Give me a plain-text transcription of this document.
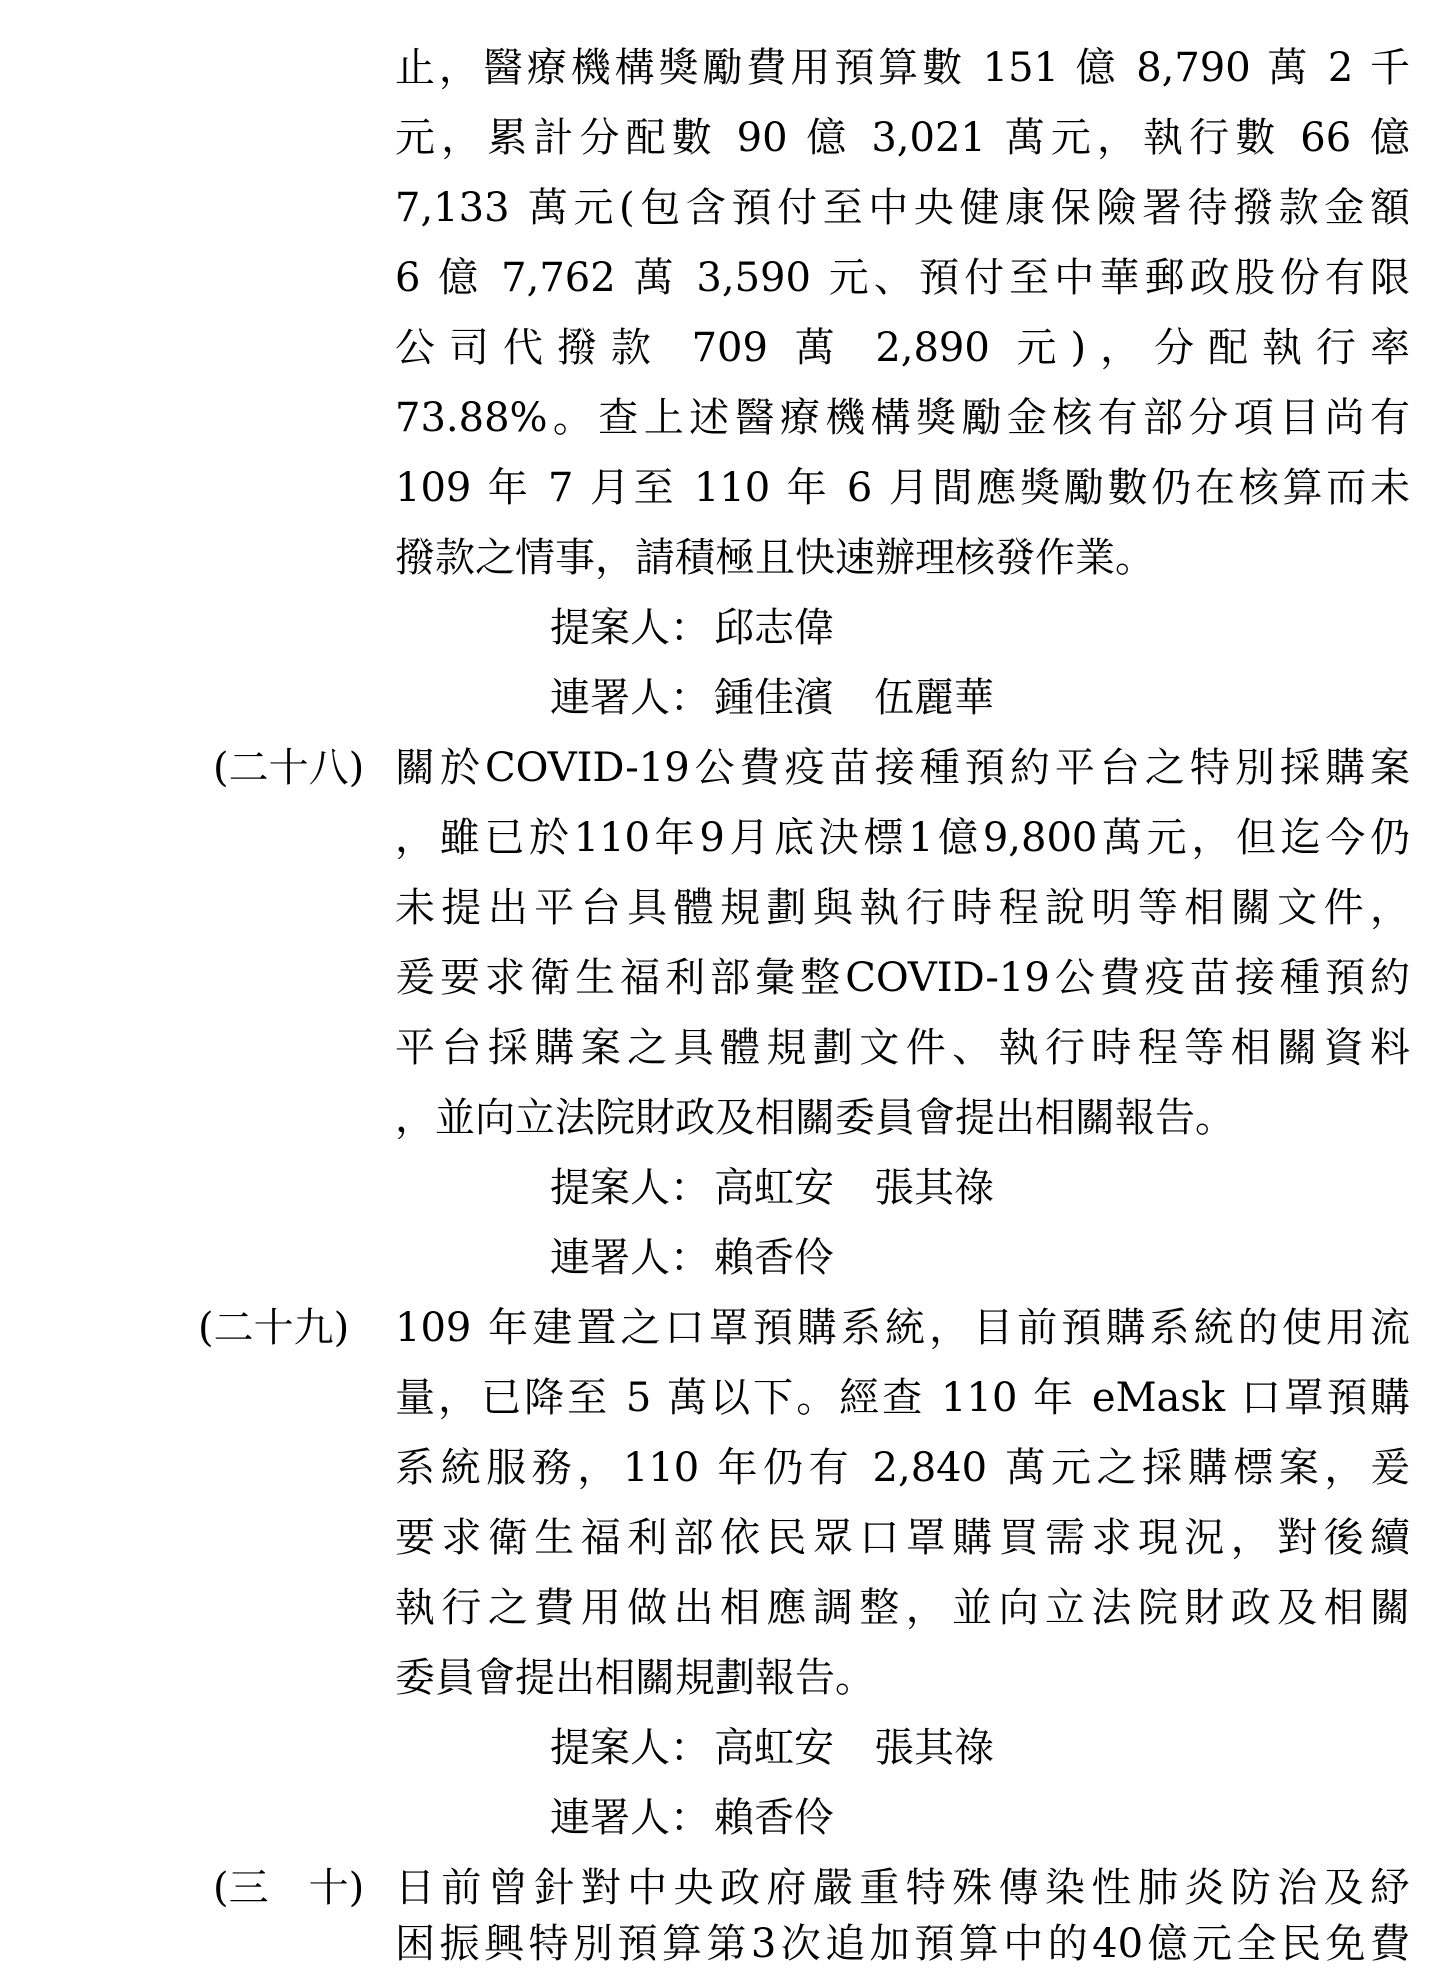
止，醫療機構獎勵費用預算數 151 億 8,790 萬 2 千
元，累計分配數 90 億 3,021 萬元，執行數 66 億
7,133 萬元(包含預付至中央健康保險署待撥款金額
6 億 7,762 萬 3,590 元、預付至中華郵政股份有限
公司代撥款 709 萬 2,890 元)，分配執行率
73.88%。查上述醫療機構獎勵金核有部分項目尚有
109 年 7 月至 110 年 6 月間應獎勵數仍在核算而未
撥款之情事，請積極且快速辦理核發作業。
提案人： 邱志偉
連署人： 鍾佳濱　伍麗華
(二十八) 關於COVID-19公費疫苗接種預約平台之特別採購案
，雖已於110年9月底決標1億9,800萬元，但迄今仍
未提出平台具體規劃與執行時程說明等相關文件，
爰要求衛生福利部彙整COVID-19公費疫苗接種預約
平台採購案之具體規劃文件、執行時程等相關資料
，並向立法院財政及相關委員會提出相關報告。
提案人： 高虹安　張其祿
連署人： 賴香伶
(二十九) 109 年建置之口罩預購系統，目前預購系統的使用流
量，已降至 5 萬以下。經查 110 年 eMask 口罩預購
系統服務，110 年仍有 2,840 萬元之採購標案，爰
要求衛生福利部依民眾口罩購買需求現況，對後續
執行之費用做出相應調整，並向立法院財政及相關
委員會提出相關規劃報告。
提案人： 高虹安　張其祿
連署人： 賴香伶
(三　十) 日前曾針對中央政府嚴重特殊傳染性肺炎防治及紓
困振興特別預算第3次追加預算中的40億元全民免費
